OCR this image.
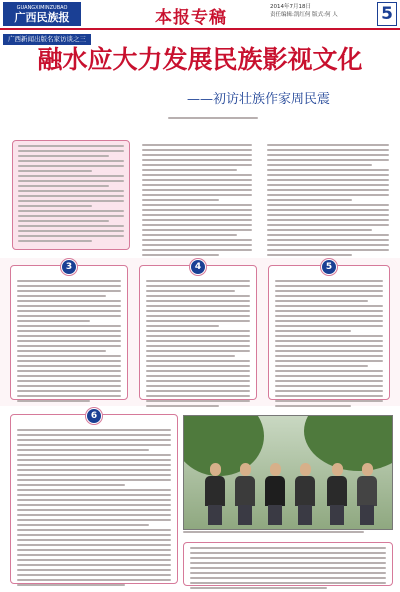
GUANGXIMINZUBAO
广西民族报	本报专稿
2014年7月18日
责任编辑:凯红何 版式:何 人	5
广西新闻出版名家访谈之三
融水应大力发展民族影视文化
——初访壮族作家周民震
3	4	5
6
